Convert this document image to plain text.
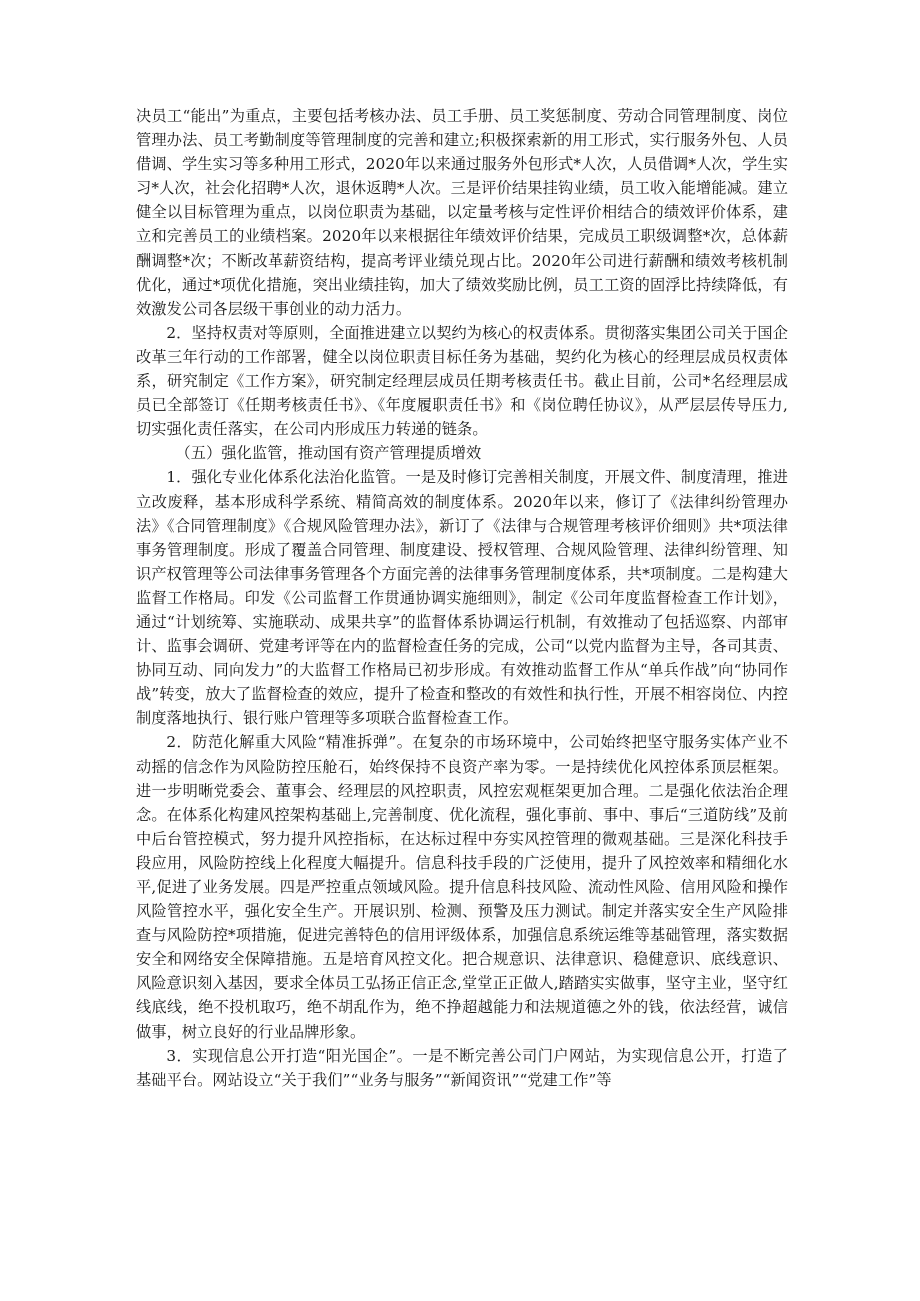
决员工“能出”为重点，主要包括考核办法、员工手册、员工奖惩制度、劳动合同管理制度、岗位管理办法、员工考勤制度等管理制度的完善和建立;积极探索新的用工形式，实行服务外包、人员借调、学生实习等多种用工形式，2020年以来通过服务外包形式*人次，人员借调*人次，学生实习*人次，社会化招聘*人次，退休返聘*人次。三是评价结果挂钩业绩，员工收入能增能减。建立健全以目标管理为重点，以岗位职责为基础，以定量考核与定性评价相结合的绩效评价体系，建立和完善员工的业绩档案。2020年以来根据往年绩效评价结果，完成员工职级调整*次，总体薪酬调整*次；不断改革薪资结构，提高考评业绩兑现占比。2020年公司进行薪酬和绩效考核机制优化，通过*项优化措施，突出业绩挂钩，加大了绩效奖励比例，员工工资的固浮比持续降低，有效激发公司各层级干事创业的动力活力。

2．坚持权责对等原则，全面推进建立以契约为核心的权责体系。贯彻落实集团公司关于国企改革三年行动的工作部署，健全以岗位职责目标任务为基础，契约化为核心的经理层成员权责体系，研究制定《工作方案》，研究制定经理层成员任期考核责任书。截止目前，公司*名经理层成员已全部签订《任期考核责任书》、《年度履职责任书》和《岗位聘任协议》，从严层层传导压力,切实强化责任落实，在公司内形成压力转递的链条。

（五）强化监管，推动国有资产管理提质增效

1．强化专业化体系化法治化监管。一是及时修订完善相关制度，开展文件、制度清理，推进立改废释，基本形成科学系统、精简高效的制度体系。2020年以来，修订了《法律纠纷管理办法》《合同管理制度》《合规风险管理办法》，新订了《法律与合规管理考核评价细则》共*项法律事务管理制度。形成了覆盖合同管理、制度建设、授权管理、合规风险管理、法律纠纷管理、知识产权管理等公司法律事务管理各个方面完善的法律事务管理制度体系，共*项制度。二是构建大监督工作格局。印发《公司监督工作贯通协调实施细则》，制定《公司年度监督检查工作计划》，通过“计划统筹、实施联动、成果共享”的监督体系协调运行机制，有效推动了包括巡察、内部审计、监事会调研、党建考评等在内的监督检查任务的完成，公司“以党内监督为主导，各司其责、协同互动、同向发力”的大监督工作格局已初步形成。有效推动监督工作从“单兵作战”向“协同作战”转变，放大了监督检查的效应，提升了检查和整改的有效性和执行性，开展不相容岗位、内控制度落地执行、银行账户管理等多项联合监督检查工作。

2．防范化解重大风险“精准拆弹”。在复杂的市场环境中，公司始终把坚守服务实体产业不动摇的信念作为风险防控压舱石，始终保持不良资产率为零。一是持续优化风控体系顶层框架。进一步明晰党委会、董事会、经理层的风控职责，风控宏观框架更加合理。二是强化依法治企理念。在体系化构建风控架构基础上,完善制度、优化流程，强化事前、事中、事后“三道防线”及前中后台管控模式，努力提升风控指标，在达标过程中夯实风控管理的微观基础。三是深化科技手段应用，风险防控线上化程度大幅提升。信息科技手段的广泛使用，提升了风控效率和精细化水平,促进了业务发展。四是严控重点领域风险。提升信息科技风险、流动性风险、信用风险和操作风险管控水平，强化安全生产。开展识别、检测、预警及压力测试。制定并落实安全生产风险排查与风险防控*项措施，促进完善特色的信用评级体系，加强信息系统运维等基础管理，落实数据安全和网络安全保障措施。五是培育风控文化。把合规意识、法律意识、稳健意识、底线意识、风险意识刻入基因，要求全体员工弘扬正信正念,堂堂正正做人,踏踏实实做事，坚守主业，坚守红线底线，绝不投机取巧，绝不胡乱作为，绝不挣超越能力和法规道德之外的钱，依法经营，诚信做事，树立良好的行业品牌形象。

3．实现信息公开打造“阳光国企”。一是不断完善公司门户网站，为实现信息公开，打造了基础平台。网站设立“关于我们”“业务与服务”“新闻资讯”“党建工作”等
